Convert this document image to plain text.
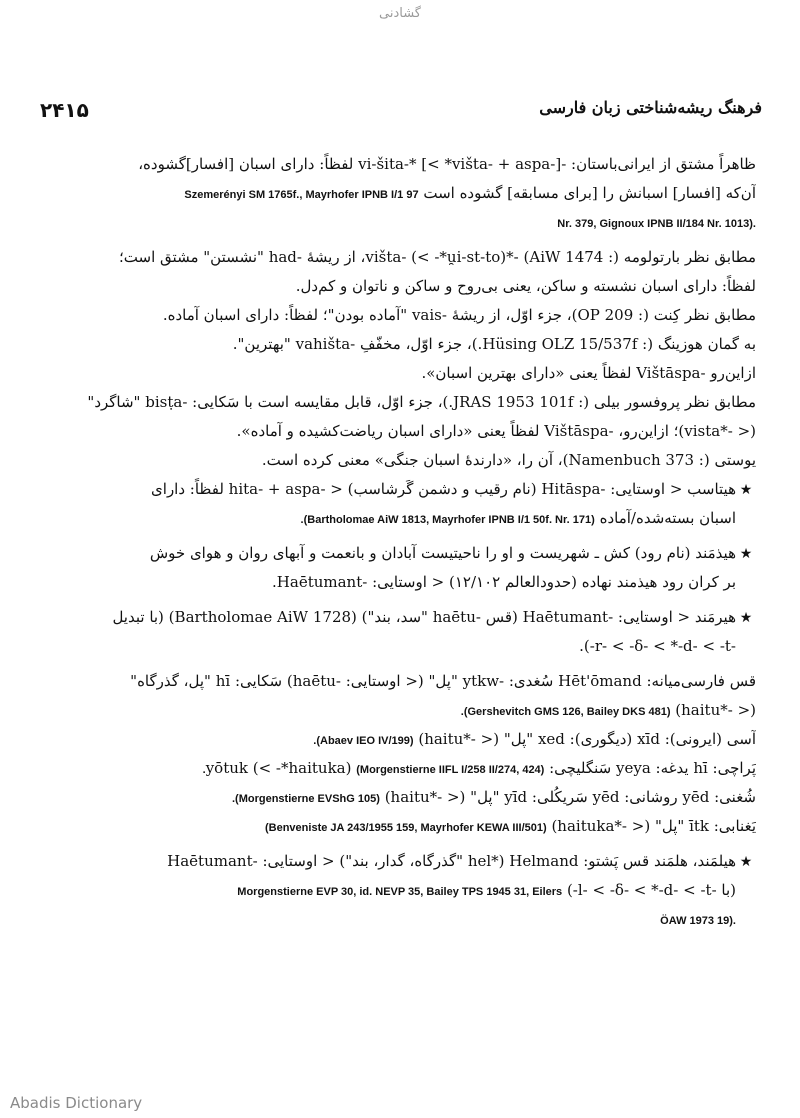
گشادنی
۲۴۱۵	فرهنگ ریشه‌شناختی زبان فارسی
ظاهراً مشتق از ایرانی‌باستان: -vi-šita-* [< *vištа- + aspa-] لفظاً: دارای اسبان [افسار]گشوده،
آن‌که [افسار] اسبانش را [برای مسابقه] گشوده است Szemerényi SM 1765f., Mayrhofer IPNB I/1 97
.(Nr. 379, Gignoux IPNB II/184 Nr. 1013
مطابق نظر بارتولومه (: AiW 1474) -*vištа- (< -*u̯i-st-to)، از ریشهٔ -had "نشستن" مشتق است؛
لفظاً: دارای اسبان نشسته و ساکن، یعنی بی‌روح و ساکن و ناتوان و کم‌دل.
مطابق نظر کِنت (: OP 209)، جزء اوّل، از ریشهٔ -vais "آماده بودن"؛ لفظاً: دارای اسبان آماده.
به گمان هوزینگ (: Hüsing OLZ 15/537f.)، جزء اوّل، مخفّفِ -vahišta "بهترین".
ازاین‌رو -Vištāspa لفظاً یعنی «دارای بهترین اسبان».
مطابق نظر پروفسور بیلی (: JRAS 1953 101f.)، جزء اوّل، قابل مقایسه است با سَکایی: -bisṭa "شاگرد"
(< -*vista)؛ ازاین‌رو، -Vištāspa لفظاً یعنی «دارای اسبان ریاضت‌کشیده و آماده».
یوستی (: Namenbuch 373)، آن را، «دارندهٔ اسبان جنگی» معنی کرده است.
★هیتاسب < اوستایی: -Hitāspa (نام رقیب و دشمن گَرشاسب) < -hita- + aspa لفظاً: دارای
اسبان بسته‌شده/آماده (Bartholomae AiW 1813, Mayrhofer IPNB I/1 50f. Nr. 171).
★هیذمَند (نام رود) کش ـ شهریست و او را ناحیتیست آبادان و بانعمت و آبهای روان و هوای خوش
بر کران رود هیذمند نهاده (حدودالعالم ۱۲/۱۰۲) < اوستایی: -Haētumant.
★هیرمَند < اوستایی: -Haētumant (قس -haētu "سد، بند") (Bartholomae AiW 1728) (با تبدیل
-r- < -δ- < *-d- < -t-).
قس فارسی‌میانه: Hēt'ōmand سُغدی: -ytkw "پل" (< اوستایی: -haētu) سَکایی: hī "پل، گذرگاه"
(< -*haitu) (Gershevitch GMS 126, Bailey DKS 481).
آسی (ایرونی): xīd (دیگوری): xed "پل" (< -*haitu) (Abaev IEO IV/199).
پَراچی: hī یدغه: yeya سَنگلیچی: yōtuk (< -*haituka) (Morgenstierne IIFL I/258 II/274, 424).
شُغنی: yēd روشانی: yēd سَریکُلی: yīd "پل" (< -*haitu) (Morgenstierne EVShG 105).
یَغنابی: ītk "پل" (< -*haituka) (Benveniste JA 243/1955 159, Mayrhofer KEWA III/501)
★هیلمَند، هلمَند قس پَشتو: Helmand (*hel "گذرگاه، گدار، بند") < اوستایی: -Haētumant
(با -l- < -δ- < *-d- < -t-) Morgenstierne EVP 30, id. NEVP 35, Bailey TPS 1945 31, Eilers
.(ÖAW 1973 19
Abadis Dictionary
